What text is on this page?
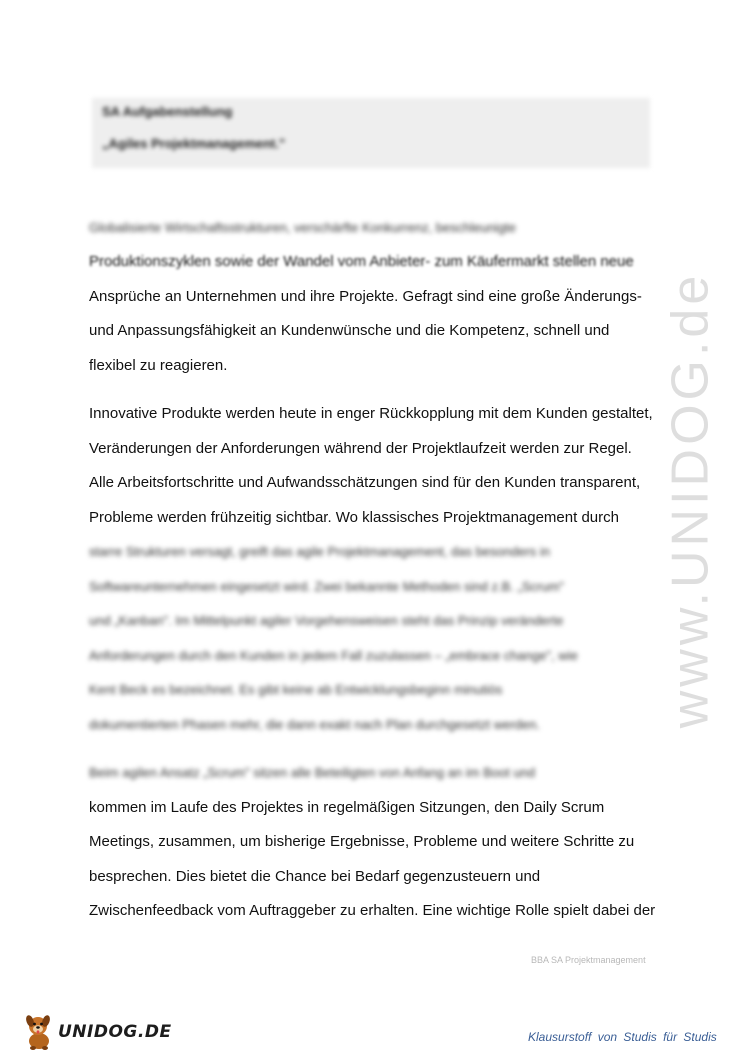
www.UNIDOG.de
SA Aufgabenstellung
„Agiles Projektmanagement."
Globalisierte Wirtschaftsstrukturen, verschärfte Konkurrenz, beschleunigte
Produktionszyklen sowie der Wandel vom Anbieter- zum Käufermarkt stellen neue
Ansprüche an Unternehmen und ihre Projekte. Gefragt sind eine große Änderungs-
und Anpassungsfähigkeit an Kundenwünsche und die Kompetenz, schnell und
flexibel zu reagieren.
Innovative Produkte werden heute in enger Rückkopplung mit dem Kunden gestaltet,
Veränderungen der Anforderungen während der Projektlaufzeit werden zur Regel.
Alle Arbeitsfortschritte und Aufwandsschätzungen sind für den Kunden transparent,
Probleme werden frühzeitig sichtbar. Wo klassisches Projektmanagement durch
starre Strukturen versagt, greift das agile Projektmanagement, das besonders in
Softwareunternehmen eingesetzt wird. Zwei bekannte Methoden sind z.B. „Scrum"
und „Kanban". Im Mittelpunkt agiler Vorgehensweisen steht das Prinzip veränderte
Anforderungen durch den Kunden in jedem Fall zuzulassen – „embrace change", wie
Kent Beck es bezeichnet. Es gibt keine ab Entwicklungsbeginn minutiös
dokumentierten Phasen mehr, die dann exakt nach Plan durchgesetzt werden.
Beim agilen Ansatz „Scrum" sitzen alle Beteiligten von Anfang an im Boot und
kommen im Laufe des Projektes in regelmäßigen Sitzungen, den Daily Scrum
Meetings, zusammen, um bisherige Ergebnisse, Probleme und weitere Schritte zu
besprechen. Dies bietet die Chance bei Bedarf gegenzusteuern und
Zwischenfeedback vom Auftraggeber zu erhalten. Eine wichtige Rolle spielt dabei der
BBA SA Projektmanagement
UNIDOG.DE	Klausurstoff von Studis für Studis
